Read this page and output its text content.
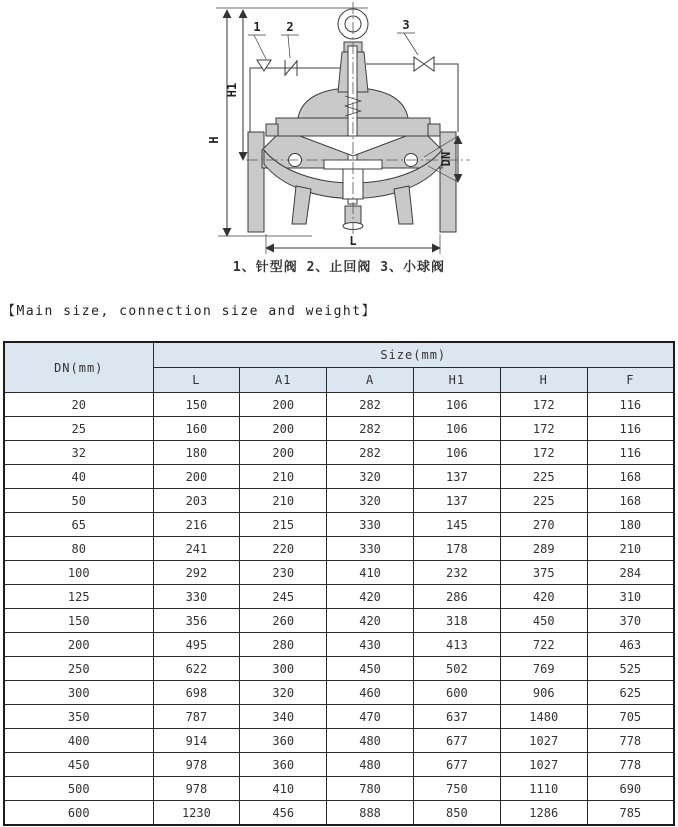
1 2	3
H
H1
DN
L
1、针型阀 2、止回阀 3、小球阀
【Main size, connection size and weight】
DN(mm)	Size(mm)					
	L	A1	A	H1	H	F
20	150	200	282	106	172	116
25	160	200	282	106	172	116
32	180	200	282	106	172	116
40	200	210	320	137	225	168
50	203	210	320	137	225	168
65	216	215	330	145	270	180
80	241	220	330	178	289	210
100	292	230	410	232	375	284
125	330	245	420	286	420	310
150	356	260	420	318	450	370
200	495	280	430	413	722	463
250	622	300	450	502	769	525
300	698	320	460	600	906	625
350	787	340	470	637	1480	705
400	914	360	480	677	1027	778
450	978	360	480	677	1027	778
500	978	410	780	750	1110	690
600	1230	456	888	850	1286	785
